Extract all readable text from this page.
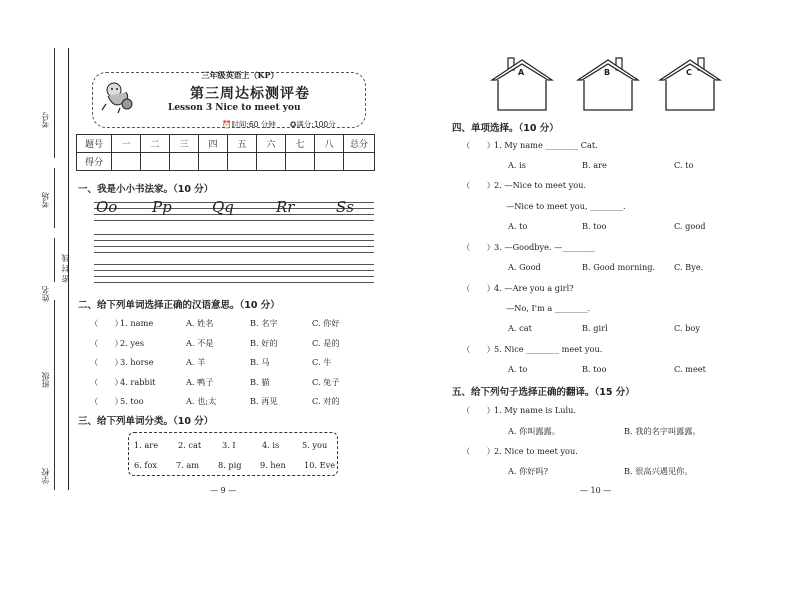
考号
考场
姓名
密 封 线
班级
学校
三年级英语上（KP）
第三周达标测评卷
Lesson 3 Nice to meet you
⏰时间:60 分钟 ✪满分:100分
题号	一	二	三	四	五	六	七	八	总分
得分									
一、我是小小书法家。（10 分）
Oo Pp	Qq	Rr	Ss
二、给下列单词选择正确的汉语意思。（10 分）
（　　）
1. name	A. 姓名	B. 名字	C. 你好
（　　）
2. yes	A. 不是	B. 好的	C. 是的
（　　）
3. horse	A. 羊	B. 马	C. 牛
（　　）
4. rabbit	A. 鸭子	B. 猫	C. 兔子
（　　）
5. too	A. 也;太	B. 再见	C. 对的
三、给下列单词分类。（10 分）
1. are 2. cat	3. I	4. is	5. you
6. fox 7. am 8. pig 9. hen 10. Eve
— 9 —
A	B	C
四、单项选择。（10 分）
（　　） 1. My name ________ Cat.
A. is	B. are	C. to
（　　） 2. —Nice to meet you.
—Nice to meet you, ________.
A. to	B. too	C. good
（　　） 3. —Goodbye. —________
A. Good	B. Good morning. C. Bye.
（　　） 4. —Are you a girl?
—No, I'm a ________.
A. cat	B. girl	C. boy
（　　） 5. Nice ________ meet you.
A. to	B. too	C. meet
五、给下列句子选择正确的翻译。（15 分）
（　　） 1. My name is Lulu.
A. 你叫露露。	B. 我的名字叫露露。
（　　） 2. Nice to meet you.
A. 你好吗?	B. 很高兴遇见你。
— 10 —
